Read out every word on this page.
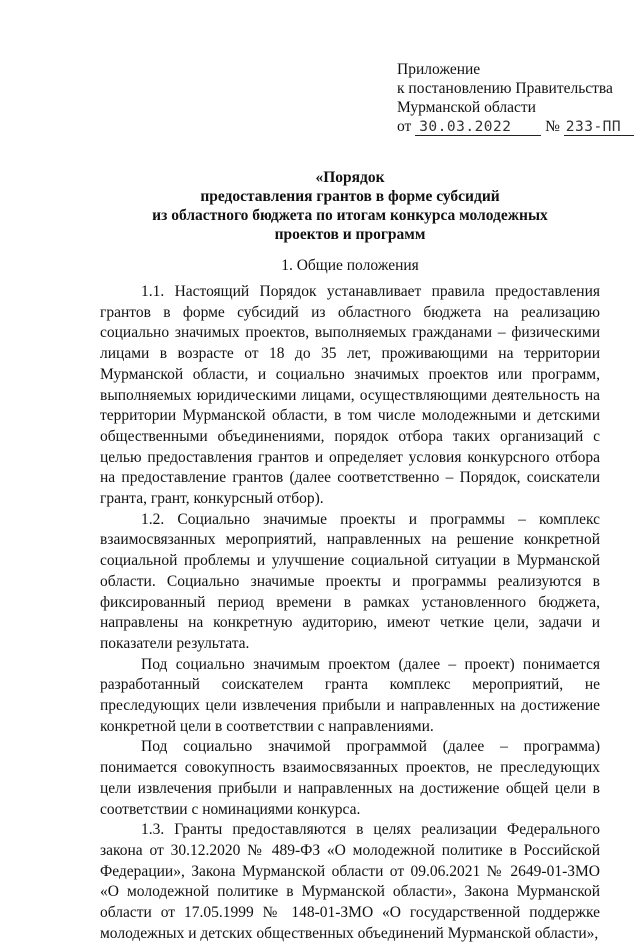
Приложение
к постановлению Правительства
Мурманской области
от 30.03.2022 № 233-ПП
«Порядок
предоставления грантов в форме субсидий
из областного бюджета по итогам конкурса молодежных
проектов и программ
1. Общие положения

1.1. Настоящий Порядок устанавливает правила предоставления грантов в форме субсидий из областного бюджета на реализацию социально значимых проектов, выполняемых гражданами – физическими лицами в возрасте от 18 до 35 лет, проживающими на территории Мурманской области, и социально значимых проектов или программ, выполняемых юридическими лицами, осуществляющими деятельность на территории Мурманской области, в том числе молодежными и детскими общественными объединениями, порядок отбора таких организаций с целью предоставления грантов и определяет условия конкурсного отбора на предоставление грантов (далее соответственно – Порядок, соискатели гранта, грант, конкурсный отбор).

1.2. Социально значимые проекты и программы – комплекс взаимосвязанных мероприятий, направленных на решение конкретной социальной проблемы и улучшение социальной ситуации в Мурманской области. Социально значимые проекты и программы реализуются в фиксированный период времени в рамках установленного бюджета, направлены на конкретную аудиторию, имеют четкие цели, задачи и показатели результата.

Под социально значимым проектом (далее – проект) понимается разработанный соискателем гранта комплекс мероприятий, не преследующих цели извлечения прибыли и направленных на достижение конкретной цели в соответствии с направлениями.

Под социально значимой программой (далее – программа) понимается совокупность взаимосвязанных проектов, не преследующих цели извлечения прибыли и направленных на достижение общей цели в соответствии с номинациями конкурса.

1.3. Гранты предоставляются в целях реализации Федерального закона от 30.12.2020 № 489-ФЗ «О молодежной политике в Российской Федерации», Закона Мурманской области от 09.06.2021 № 2649-01-ЗМО «О молодежной политике в Мурманской области», Закона Мурманской области от 17.05.1999 № 148-01-ЗМО «О государственной поддержке молодежных и детских общественных объединений Мурманской области»,
